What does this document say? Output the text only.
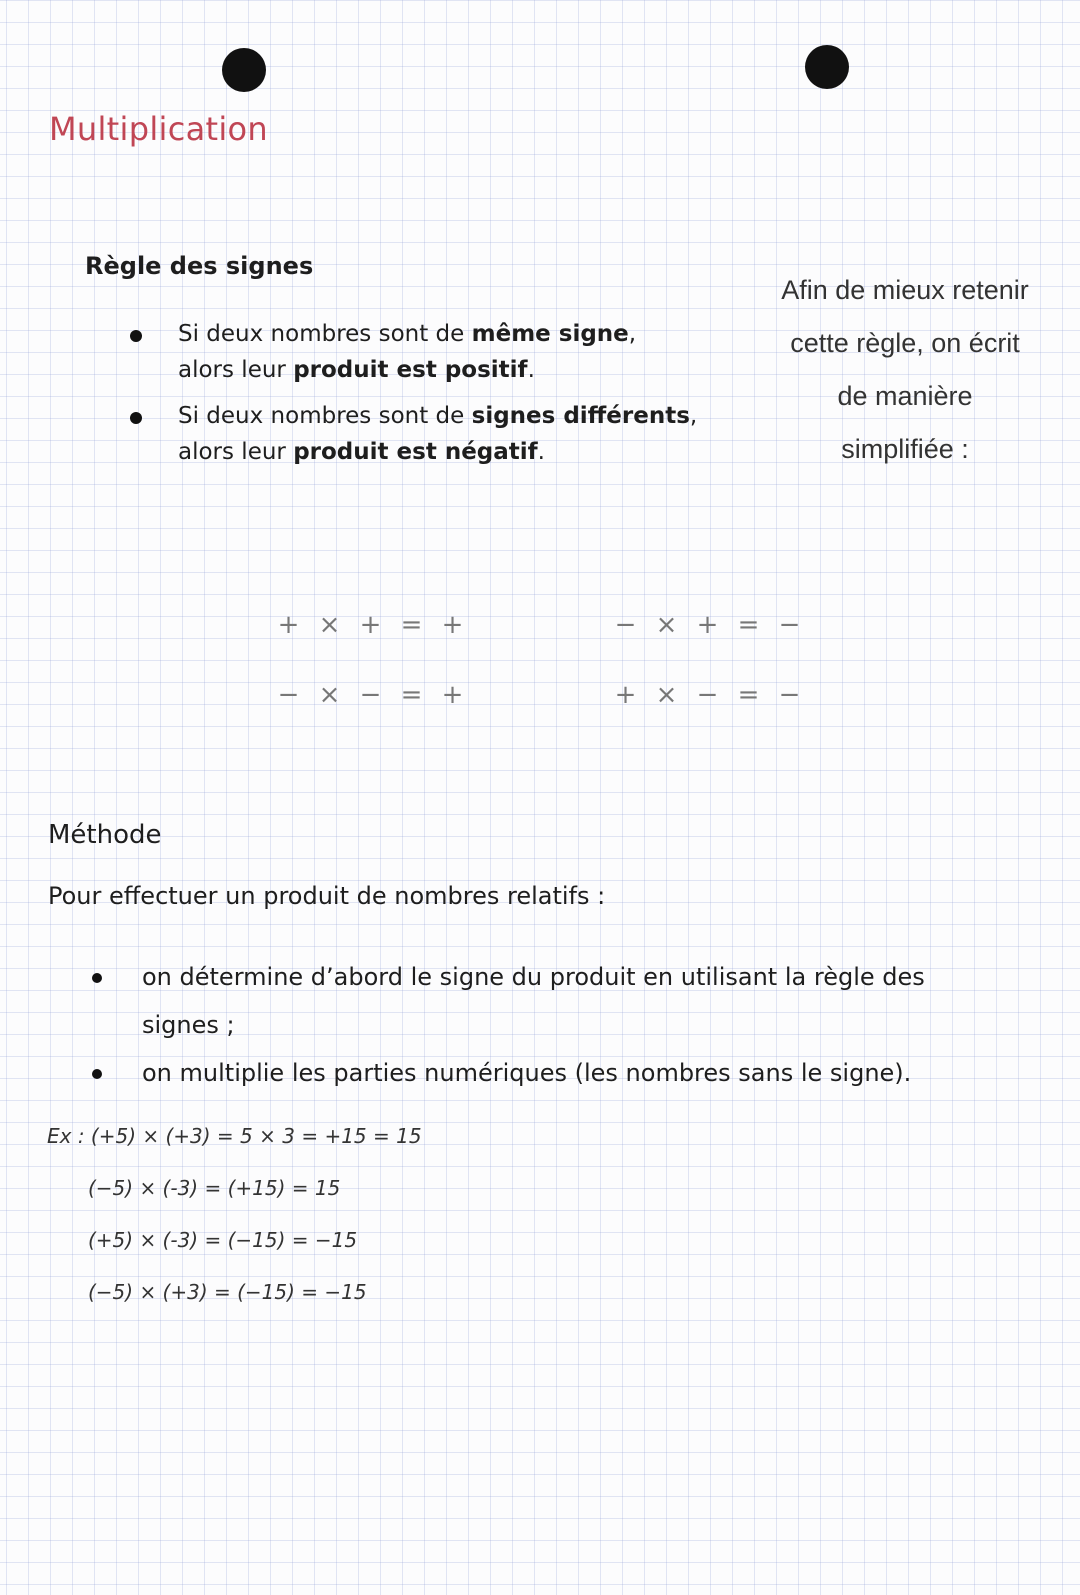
Multiplication
Règle des signes
Si deux nombres sont de même signe,
alors leur produit est positif.
Si deux nombres sont de signes différents,
alors leur produit est négatif.
Afin de mieux retenir
cette règle, on écrit
de manière
simplifiée :
+ × + = +	− × + = −
− × − = +	+ × − = −
Méthode
Pour effectuer un produit de nombres relatifs :
on détermine d’abord le signe du produit en utilisant la règle des
signes ;
on multiplie les parties numériques (les nombres sans le signe).
Ex : (+5) × (+3) = 5 × 3 = +15 = 15
(−5) × (-3) = (+15) = 15
(+5) × (-3) = (−15) = −15
(−5) × (+3) = (−15) = −15
